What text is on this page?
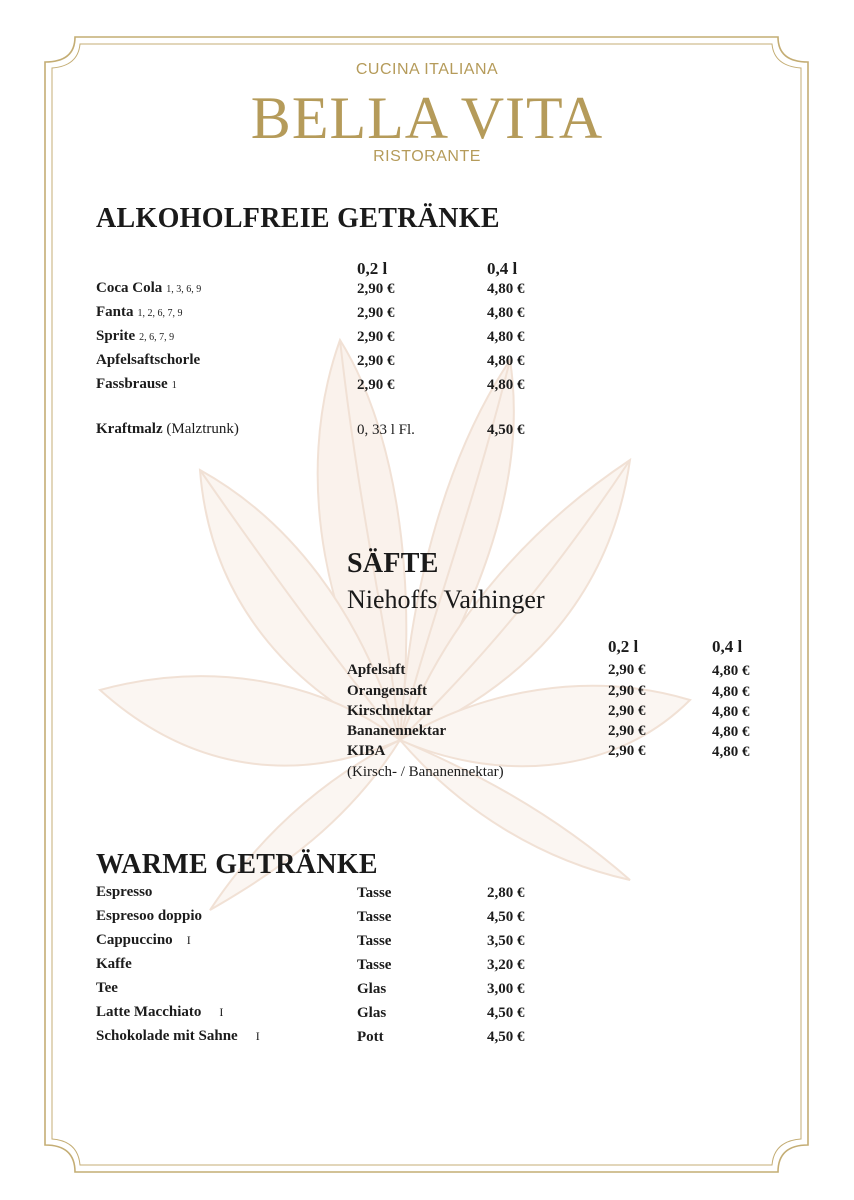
CUCINA ITALIANA
BELLA VITA
RISTORANTE
ALKOHOLFREIE GETRÄNKE
0,2 l	0,4 l
Coca Cola 1, 3, 6, 9	2,90 €	4,80 €
Fanta 1, 2, 6, 7, 9	2,90 €	4,80 €
Sprite 2, 6, 7, 9	2,90 €	4,80 €
Apfelsaftschorle	2,90 €	4,80 €
Fassbrause 1	2,90 €	4,80 €
Kraftmalz (Malztrunk)	0, 33 l Fl.	4,50 €
SÄFTE
Niehoffs Vaihinger
0,2 l	0,4 l
Apfelsaft	2,90 €	4,80 €
Orangensaft	2,90 €	4,80 €
Kirschnektar	2,90 €	4,80 €
Bananennektar	2,90 €	4,80 €
KIBA	2,90 €	4,80 €
(Kirsch- / Bananennektar)
WARME GETRÄNKE
Espresso	Tasse	2,80 €
Espresoo doppio	Tasse	4,50 €
Cappuccino I	Tasse	3,50 €
Kaffe	Tasse	3,20 €
Tee	Glas	3,00 €
Latte Macchiato I	Glas	4,50 €
Schokolade mit Sahne I	Pott	4,50 €
